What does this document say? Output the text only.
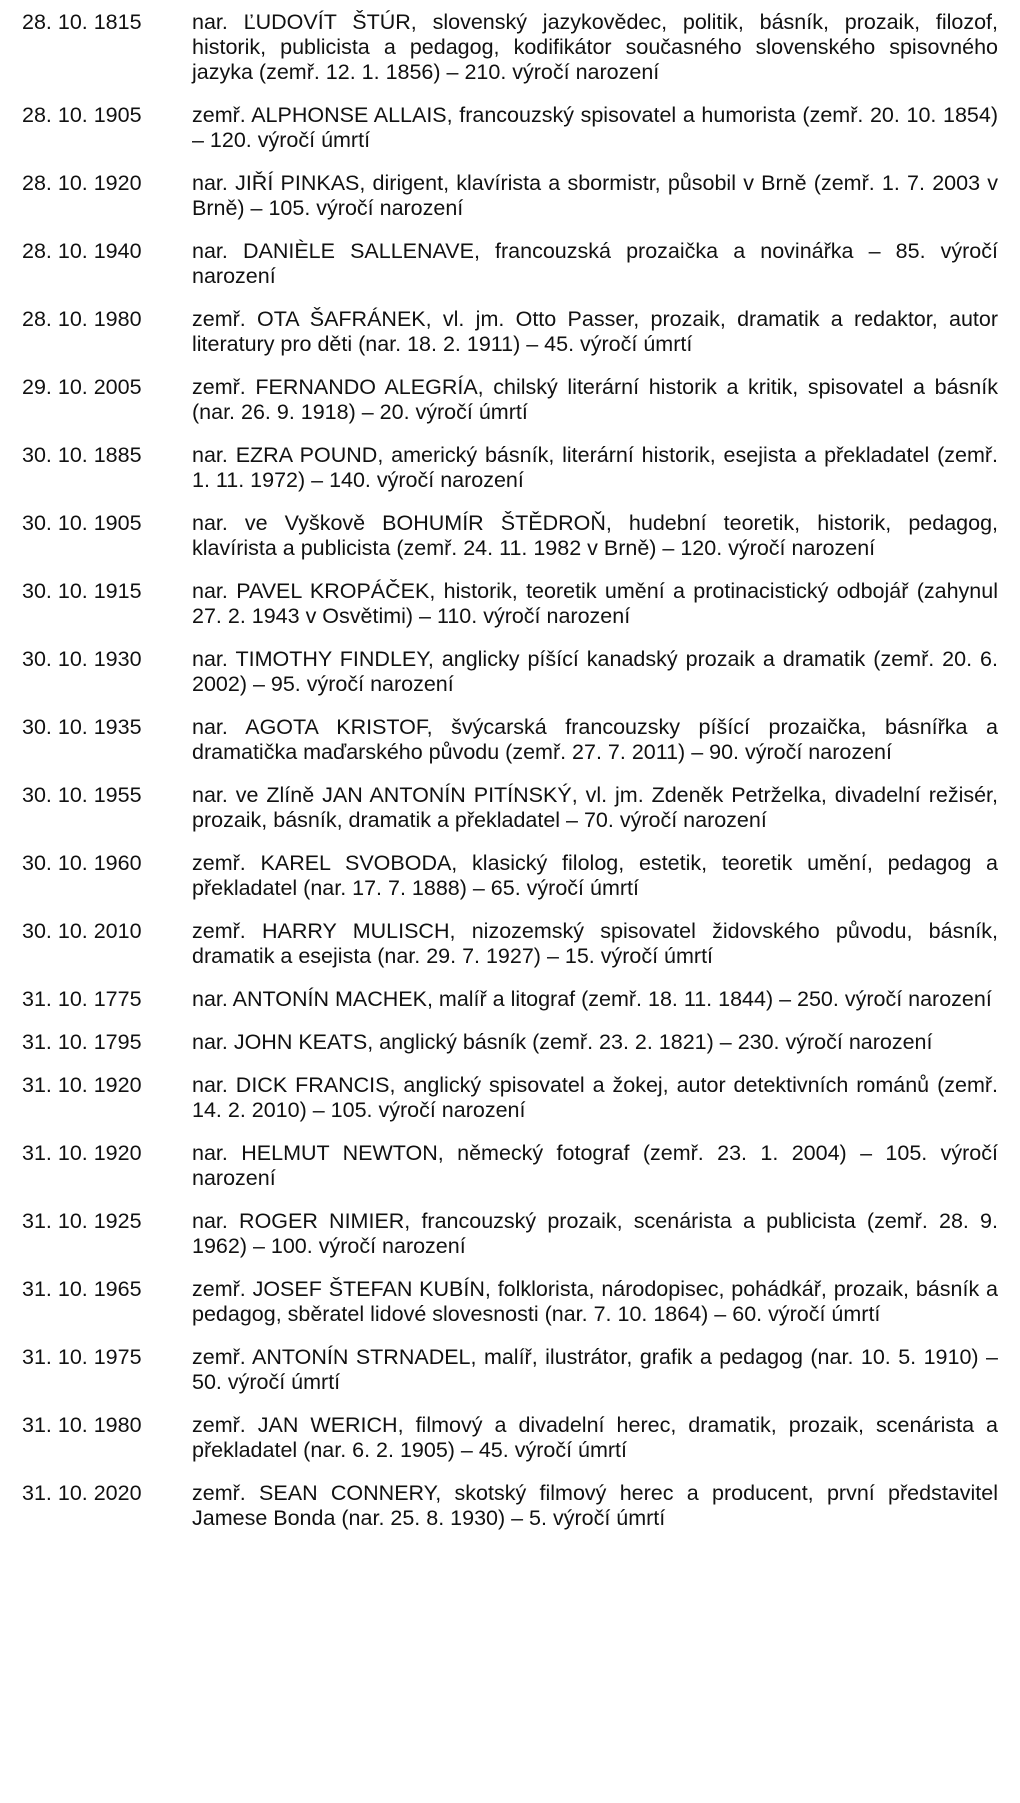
28. 10. 1815	nar. ĽUDOVÍT ŠTÚR, slovenský jazykovědec, politik, básník, prozaik, filozof, historik, publicista a pedagog, kodifikátor současného slovenského spisovného jazyka (zemř. 12. 1. 1856) – 210. výročí narození
28. 10. 1905	zemř. ALPHONSE ALLAIS, francouzský spisovatel a humorista (zemř. 20. 10. 1854) – 120. výročí úmrtí
28. 10. 1920	nar. JIŘÍ PINKAS, dirigent, klavírista a sbormistr, působil v Brně (zemř. 1. 7. 2003 v Brně) – 105. výročí narození
28. 10. 1940	nar. DANIÈLE SALLENAVE, francouzská prozaička a novinářka – 85. výročí narození
28. 10. 1980	zemř. OTA ŠAFRÁNEK, vl. jm. Otto Passer, prozaik, dramatik a redaktor, autor literatury pro děti (nar. 18. 2. 1911) – 45. výročí úmrtí
29. 10. 2005	zemř. FERNANDO ALEGRÍA, chilský literární historik a kritik, spisovatel a básník (nar. 26. 9. 1918) – 20. výročí úmrtí
30. 10. 1885	nar. EZRA POUND, americký básník, literární historik, esejista a překladatel (zemř. 1. 11. 1972) – 140. výročí narození
30. 10. 1905	nar. ve Vyškově BOHUMÍR ŠTĚDROŇ, hudební teoretik, historik, pedagog, klavírista a publicista (zemř. 24. 11. 1982 v Brně) – 120. výročí narození
30. 10. 1915	nar. PAVEL KROPÁČEK, historik, teoretik umění a protinacistický odbojář (zahynul 27. 2. 1943 v Osvětimi) – 110. výročí narození
30. 10. 1930	nar. TIMOTHY FINDLEY, anglicky píšící kanadský prozaik a dramatik (zemř. 20. 6. 2002) – 95. výročí narození
30. 10. 1935	nar. AGOTA KRISTOF, švýcarská francouzsky píšící prozaička, básnířka a dramatička maďarského původu (zemř. 27. 7. 2011) – 90. výročí narození
30. 10. 1955	nar. ve Zlíně JAN ANTONÍN PITÍNSKÝ, vl. jm. Zdeněk Petrželka, divadelní režisér, prozaik, básník, dramatik a překladatel – 70. výročí narození
30. 10. 1960	zemř. KAREL SVOBODA, klasický filolog, estetik, teoretik umění, pedagog a překladatel (nar. 17. 7. 1888) – 65. výročí úmrtí
30. 10. 2010	zemř. HARRY MULISCH, nizozemský spisovatel židovského původu, básník, dramatik a esejista (nar. 29. 7. 1927) – 15. výročí úmrtí
31. 10. 1775	nar. ANTONÍN MACHEK, malíř a litograf (zemř. 18. 11. 1844) – 250. výročí narození
31. 10. 1795	nar. JOHN KEATS, anglický básník (zemř. 23. 2. 1821) – 230. výročí narození
31. 10. 1920	nar. DICK FRANCIS, anglický spisovatel a žokej, autor detektivních románů (zemř. 14. 2. 2010) – 105. výročí narození
31. 10. 1920	nar. HELMUT NEWTON, německý fotograf (zemř. 23. 1. 2004) – 105. výročí narození
31. 10. 1925	nar. ROGER NIMIER, francouzský prozaik, scenárista a publicista (zemř. 28. 9. 1962) – 100. výročí narození
31. 10. 1965	zemř. JOSEF ŠTEFAN KUBÍN, folklorista, národopisec, pohádkář, prozaik, básník a pedagog, sběratel lidové slovesnosti (nar. 7. 10. 1864) – 60. výročí úmrtí
31. 10. 1975	zemř. ANTONÍN STRNADEL, malíř, ilustrátor, grafik a pedagog (nar. 10. 5. 1910) – 50. výročí úmrtí
31. 10. 1980	zemř. JAN WERICH, filmový a divadelní herec, dramatik, prozaik, scenárista a překladatel (nar. 6. 2. 1905) – 45. výročí úmrtí
31. 10. 2020	zemř. SEAN CONNERY, skotský filmový herec a producent, první představitel Jamese Bonda (nar. 25. 8. 1930) – 5. výročí úmrtí
